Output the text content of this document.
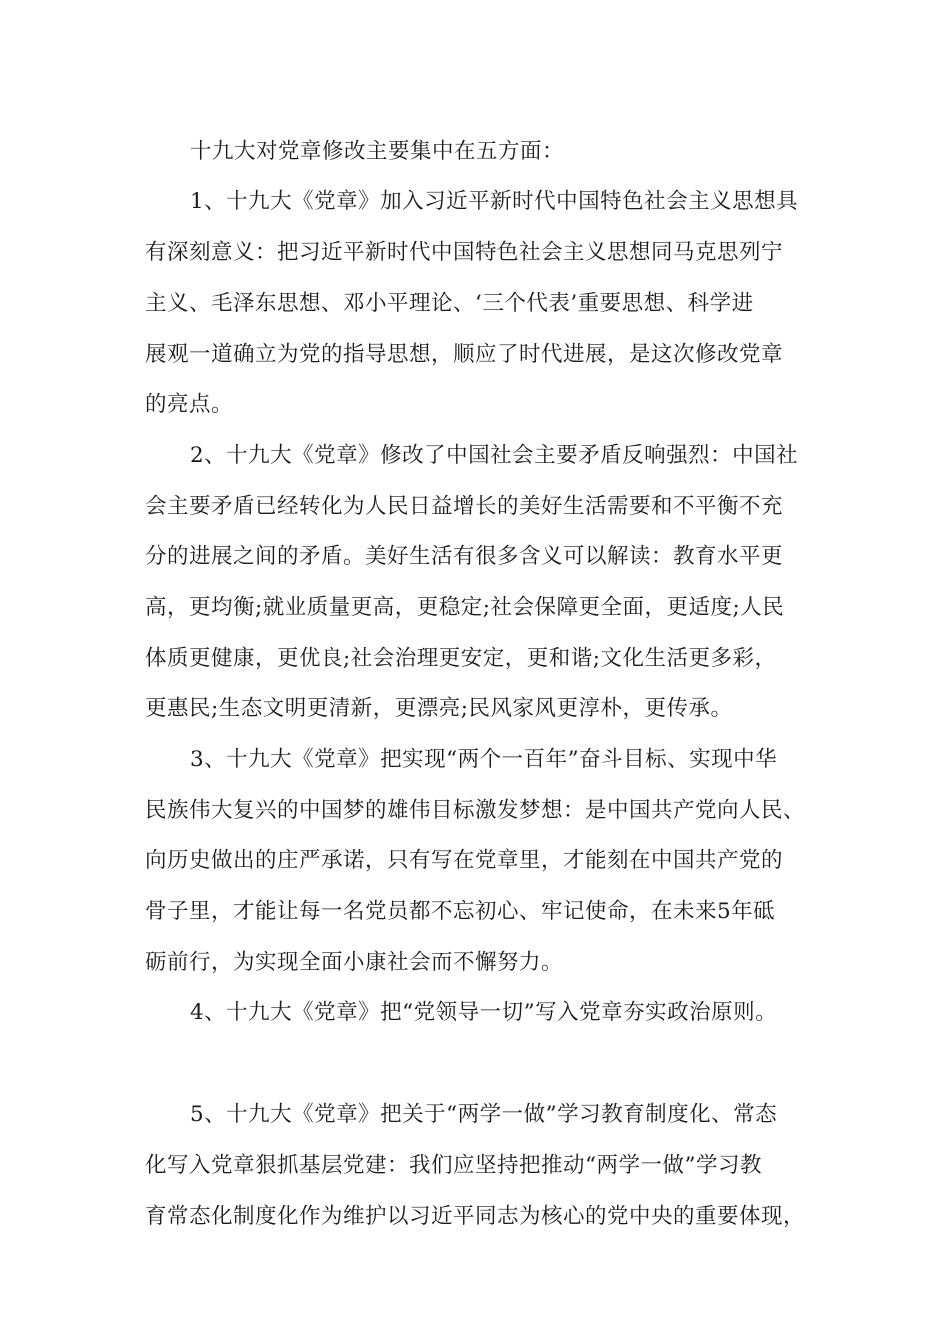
十九大对党章修改主要集中在五方面：
1、十九大《党章》加入习近平新时代中国特色社会主义思想具
有深刻意义：把习近平新时代中国特色社会主义思想同马克思列宁
主义、毛泽东思想、邓小平理论、‘三个代表’重要思想、科学进
展观一道确立为党的指导思想，顺应了时代进展，是这次修改党章
的亮点。
2、十九大《党章》修改了中国社会主要矛盾反响强烈：中国社
会主要矛盾已经转化为人民日益增长的美好生活需要和不平衡不充
分的进展之间的矛盾。美好生活有很多含义可以解读：教育水平更
高，更均衡;就业质量更高，更稳定;社会保障更全面，更适度;人民
体质更健康，更优良;社会治理更安定，更和谐;文化生活更多彩，
更惠民;生态文明更清新，更漂亮;民风家风更淳朴，更传承。
3、十九大《党章》把实现“两个一百年”奋斗目标、实现中华
民族伟大复兴的中国梦的雄伟目标激发梦想：是中国共产党向人民、
向历史做出的庄严承诺，只有写在党章里，才能刻在中国共产党的
骨子里，才能让每一名党员都不忘初心、牢记使命，在未来5年砥
砺前行，为实现全面小康社会而不懈努力。
4、十九大《党章》把“党领导一切”写入党章夯实政治原则。
5、十九大《党章》把关于“两学一做”学习教育制度化、常态
化写入党章狠抓基层党建：我们应坚持把推动“两学一做”学习教
育常态化制度化作为维护以习近平同志为核心的党中央的重要体现，
